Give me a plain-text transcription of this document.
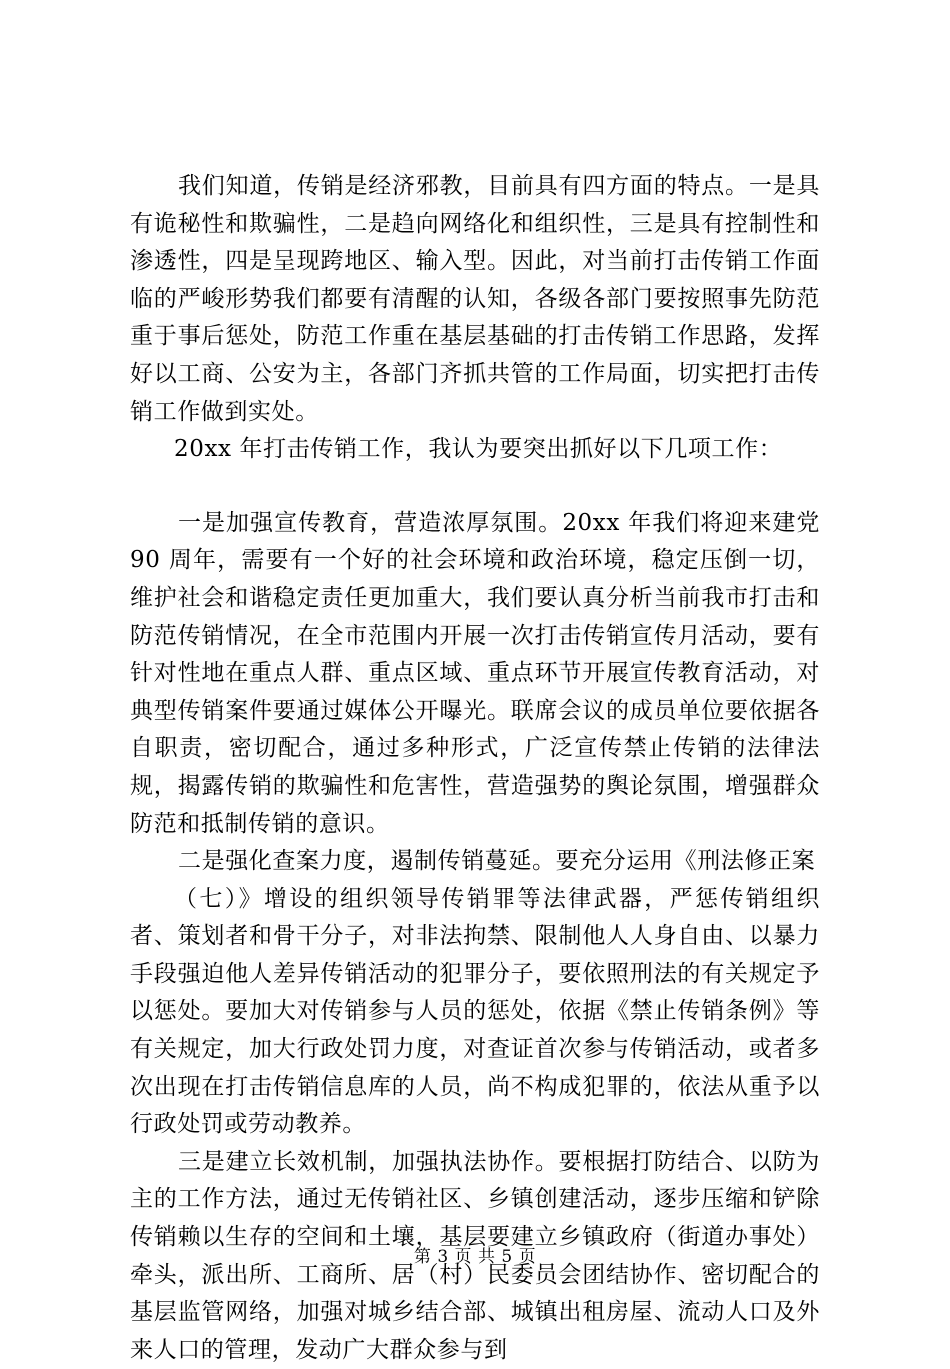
我们知道，传销是经济邪教，目前具有四方面的特点。一是具有诡秘性和欺骗性，二是趋向网络化和组织性，三是具有控制性和渗透性，四是呈现跨地区、输入型。因此，对当前打击传销工作面临的严峻形势我们都要有清醒的认知，各级各部门要按照事先防范重于事后惩处，防范工作重在基层基础的打击传销工作思路，发挥好以工商、公安为主，各部门齐抓共管的工作局面，切实把打击传销工作做到实处。

20xx 年打击传销工作，我认为要突出抓好以下几项工作：

一是加强宣传教育，营造浓厚氛围。20xx 年我们将迎来建党 90 周年，需要有一个好的社会环境和政治环境，稳定压倒一切，维护社会和谐稳定责任更加重大，我们要认真分析当前我市打击和防范传销情况，在全市范围内开展一次打击传销宣传月活动，要有针对性地在重点人群、重点区域、重点环节开展宣传教育活动，对典型传销案件要通过媒体公开曝光。联席会议的成员单位要依据各自职责，密切配合，通过多种形式，广泛宣传禁止传销的法律法规，揭露传销的欺骗性和危害性，营造强势的舆论氛围，增强群众防范和抵制传销的意识。

二是强化查案力度，遏制传销蔓延。要充分运用《刑法修正案

（七）》增设的组织领导传销罪等法律武器，严惩传销组织者、策划者和骨干分子，对非法拘禁、限制他人人身自由、以暴力手段强迫他人差异传销活动的犯罪分子，要依照刑法的有关规定予以惩处。要加大对传销参与人员的惩处，依据《禁止传销条例》等有关规定，加大行政处罚力度，对查证首次参与传销活动，或者多次出现在打击传销信息库的人员，尚不构成犯罪的，依法从重予以行政处罚或劳动教养。

三是建立长效机制，加强执法协作。要根据打防结合、以防为主的工作方法，通过无传销社区、乡镇创建活动，逐步压缩和铲除传销赖以生存的空间和土壤，基层要建立乡镇政府（街道办事处）牵头，派出所、工商所、居（村）民委员会团结协作、密切配合的基层监管网络，加强对城乡结合部、城镇出租房屋、流动人口及外来人口的管理，发动广大群众参与到

第 3 页 共 5 页
